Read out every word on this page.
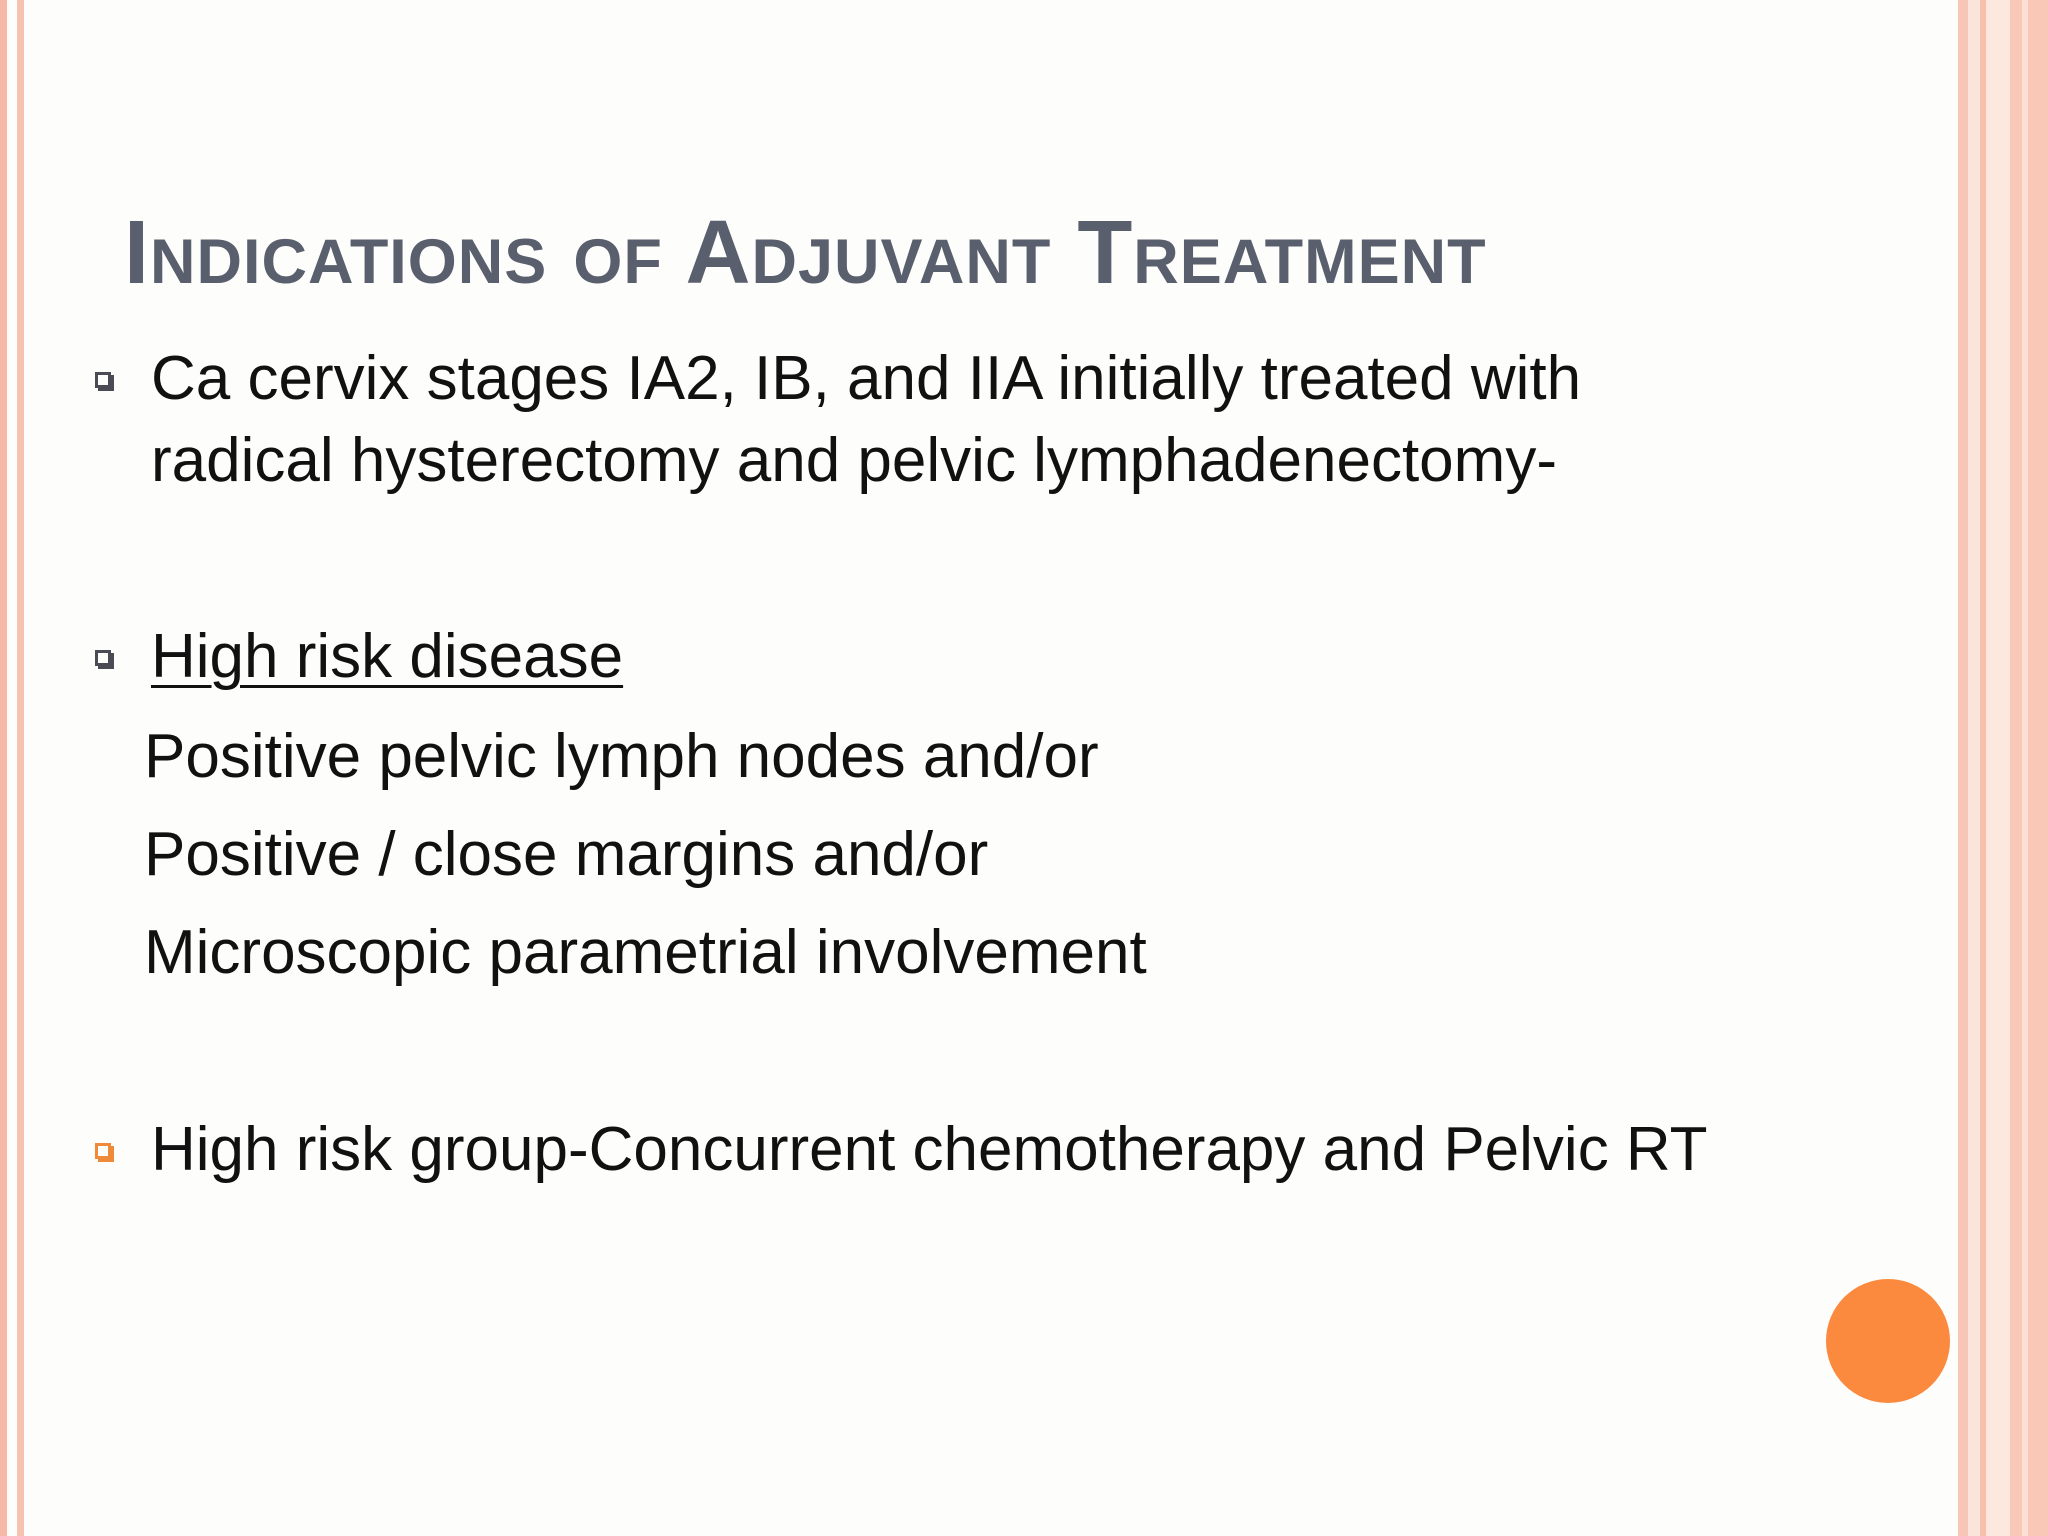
Indications of Adjuvant Treatment

Ca cervix stages IA2, IB, and IIA initially treated with

radical hysterectomy and pelvic lymphadenectomy-

High risk disease

Positive pelvic lymph nodes and/or

Positive / close margins and/or

Microscopic parametrial involvement

High risk group-Concurrent chemotherapy and Pelvic RT
